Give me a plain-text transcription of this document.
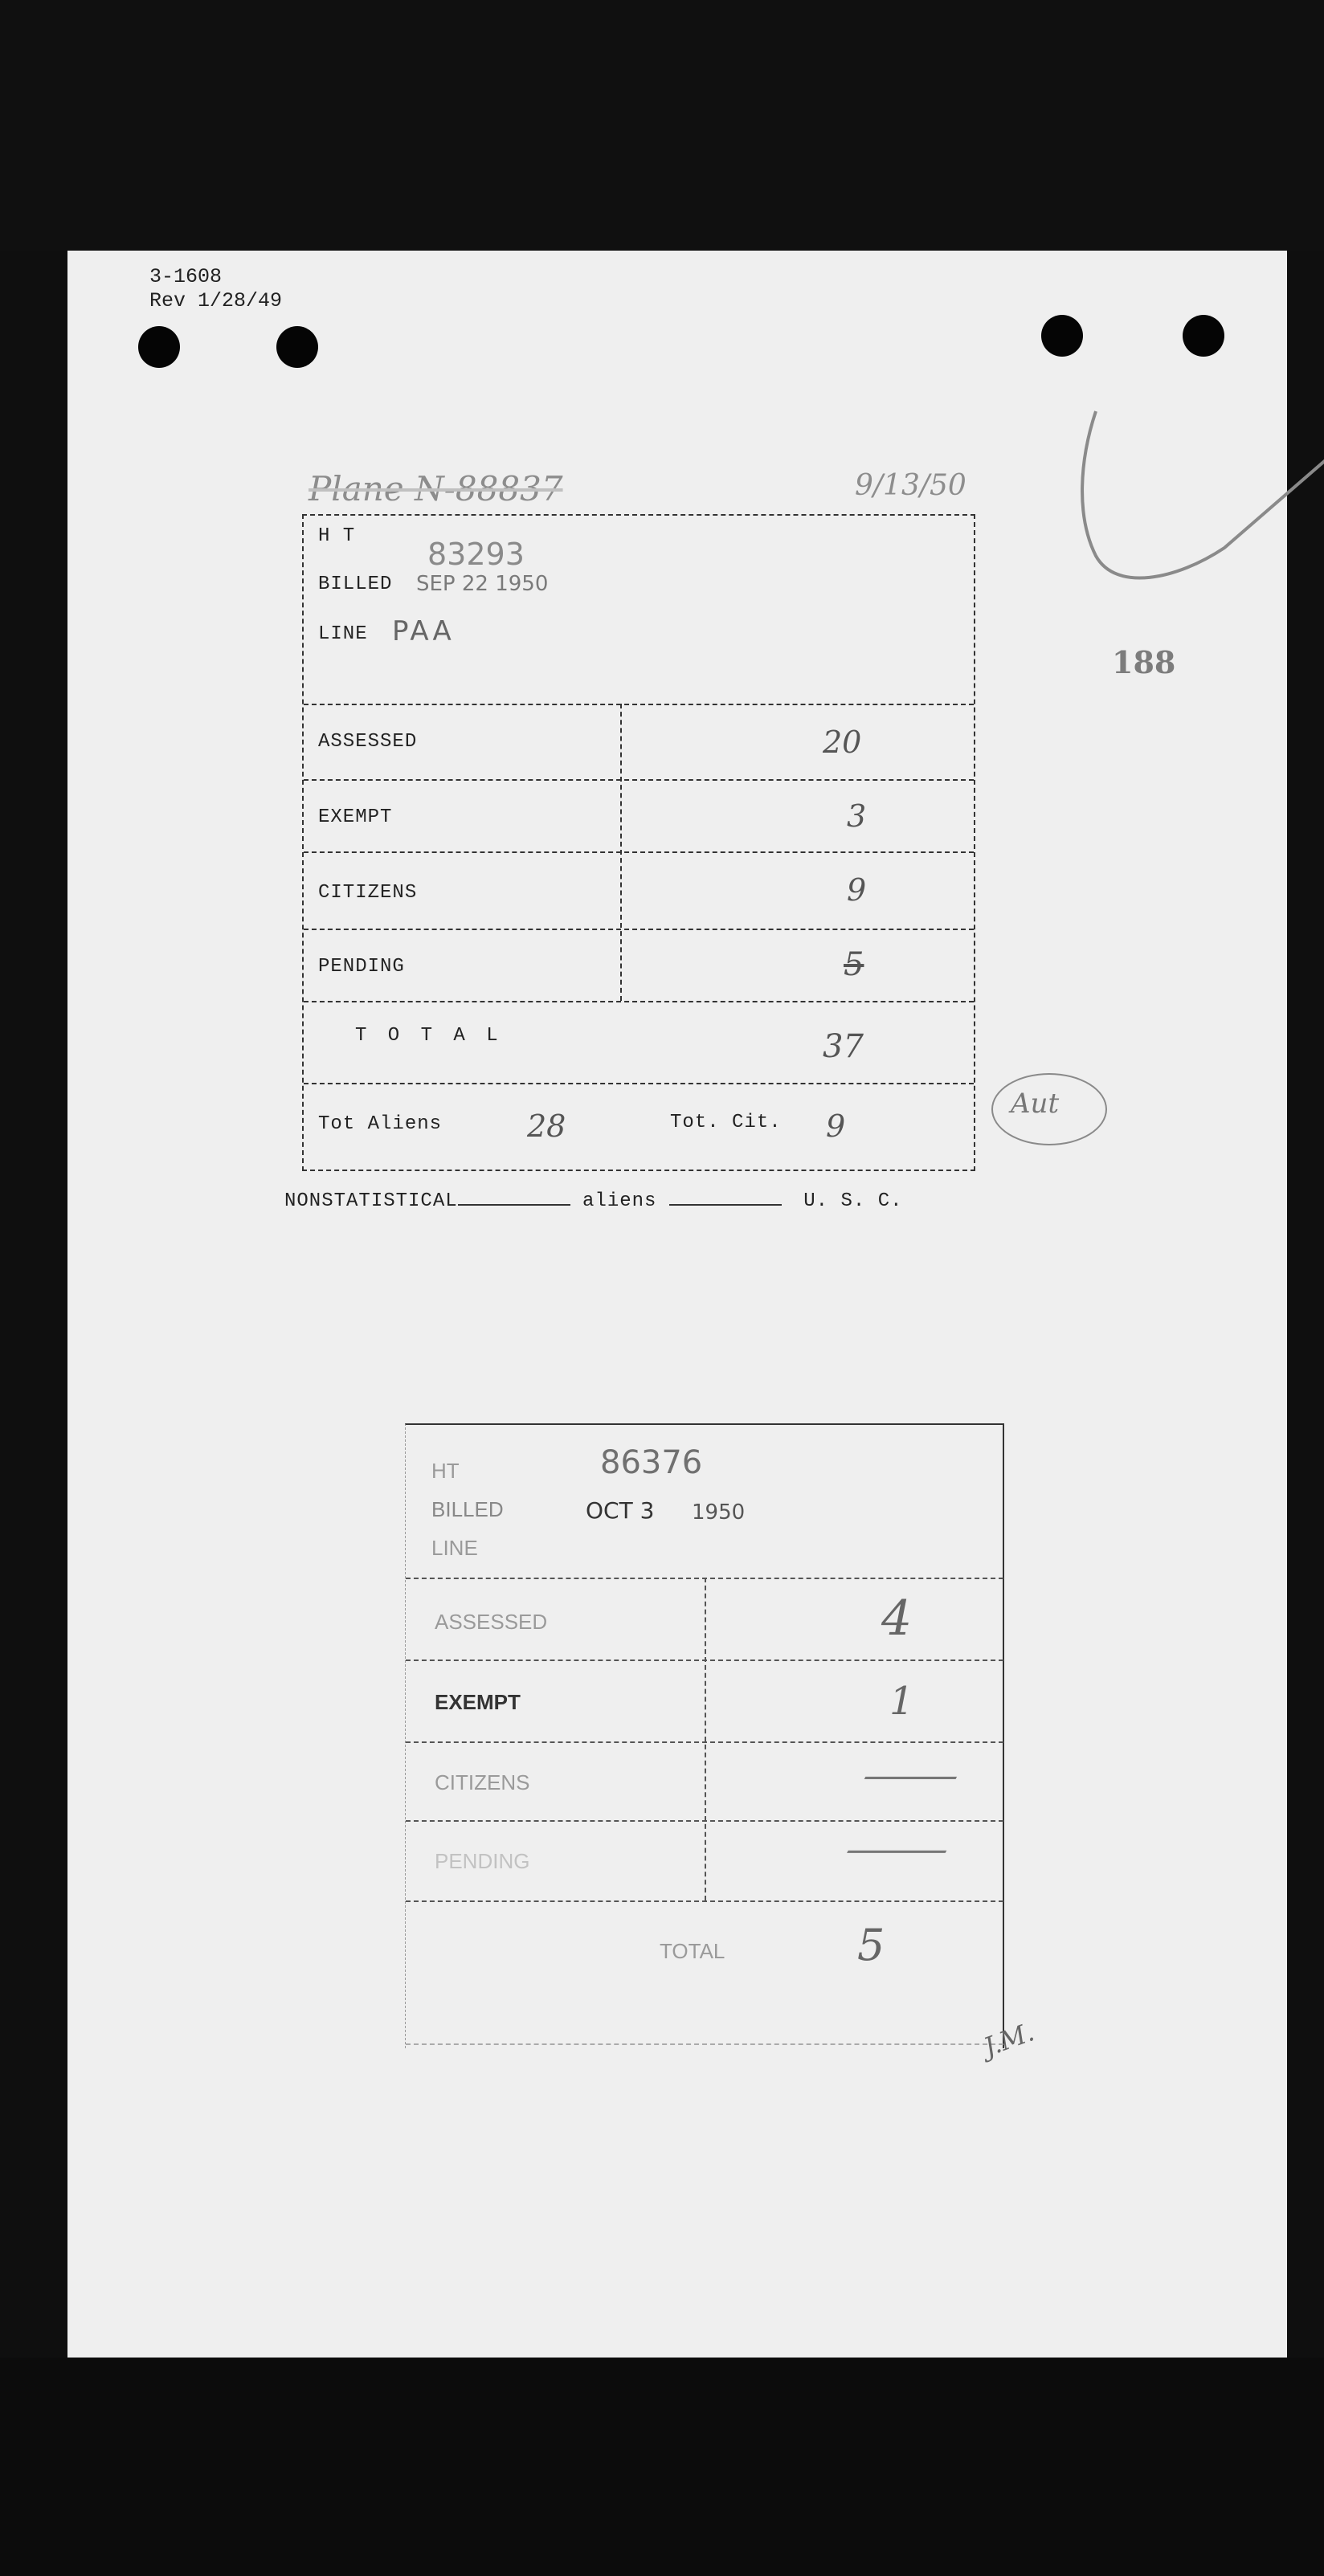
3-1608
Rev 1/28/49
Plane N-88837	9/13/50
188
H T
83293
BILLED SEP 22 1950
LINE PAA
ASSESSED	20
EXEMPT	3
CITIZENS	9
PENDING	5
T O T A L	37
Tot Aliens	28	Tot. Cit. 9
Aut
NONSTATISTICAL	aliens	U. S. C.
HT	86376
BILLED	OCT 3 1950
LINE
ASSESSED	4
EXEMPT	1
CITIZENS	—
PENDING	—
TOTAL	5
J.M.
